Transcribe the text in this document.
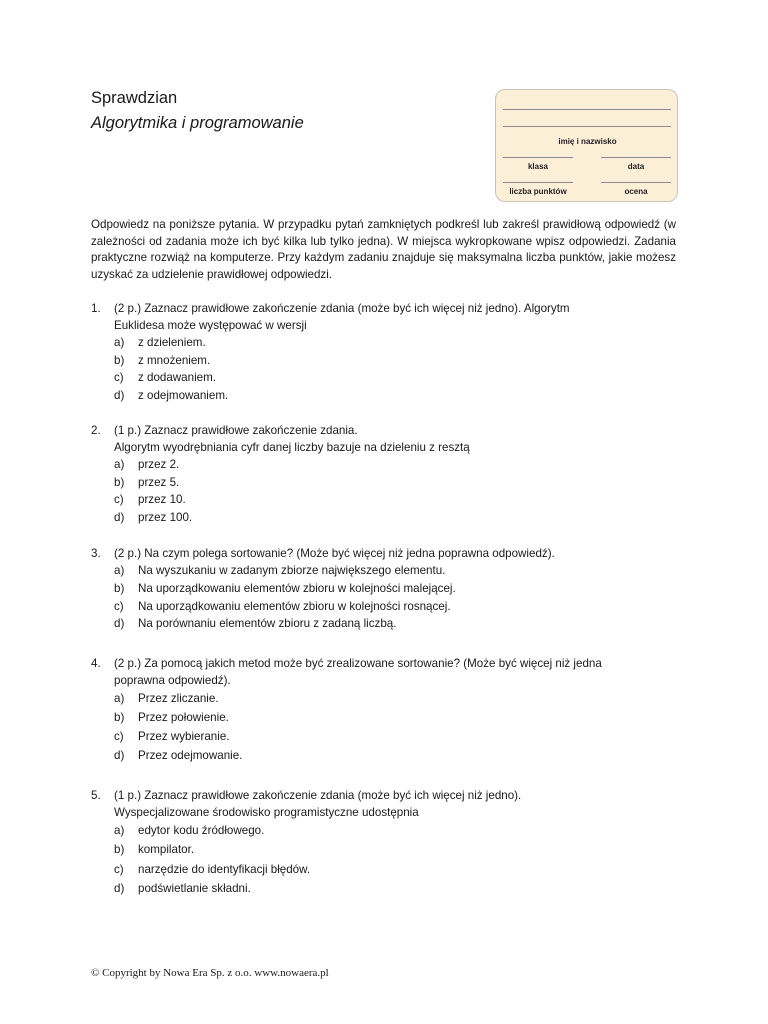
Sprawdzian
Algorytmika i programowanie
imię i nazwisko
klasa	data
liczba punktów	ocena
Odpowiedz na poniższe pytania. W przypadku pytań zamkniętych podkreśl lub zakreśl prawidłową odpowiedź (w zależności od zadania może ich być kilka lub tylko jedna). W miejsca wykropkowane wpisz odpowiedzi. Zadania praktyczne rozwiąż na komputerze. Przy każdym zadaniu znajduje się maksymalna liczba punktów, jakie możesz uzyskać za udzielenie prawidłowej odpowiedzi.
1. (2 p.) Zaznacz prawidłowe zakończenie zdania (może być ich więcej niż jedno). Algorytm
Euklidesa może występować w wersji
a) z dzieleniem.
b) z mnożeniem.
c) z dodawaniem.
d) z odejmowaniem.
2. (1 p.) Zaznacz prawidłowe zakończenie zdania.
Algorytm wyodrębniania cyfr danej liczby bazuje na dzieleniu z resztą
a) przez 2.
b) przez 5.
c) przez 10.
d) przez 100.
3. (2 p.) Na czym polega sortowanie? (Może być więcej niż jedna poprawna odpowiedź).
a) Na wyszukaniu w zadanym zbiorze największego elementu.
b) Na uporządkowaniu elementów zbioru w kolejności malejącej.
c) Na uporządkowaniu elementów zbioru w kolejności rosnącej.
d) Na porównaniu elementów zbioru z zadaną liczbą.
4. (2 p.) Za pomocą jakich metod może być zrealizowane sortowanie? (Może być więcej niż jedna
poprawna odpowiedź).
a) Przez zliczanie.
b) Przez połowienie.
c) Przez wybieranie.
d) Przez odejmowanie.
5. (1 p.) Zaznacz prawidłowe zakończenie zdania (może być ich więcej niż jedno).
Wyspecjalizowane środowisko programistyczne udostępnia
a) edytor kodu źródłowego.
b) kompilator.
c) narzędzie do identyfikacji błędów.
d) podświetlanie składni.
© Copyright by Nowa Era Sp. z o.o. www.nowaera.pl
